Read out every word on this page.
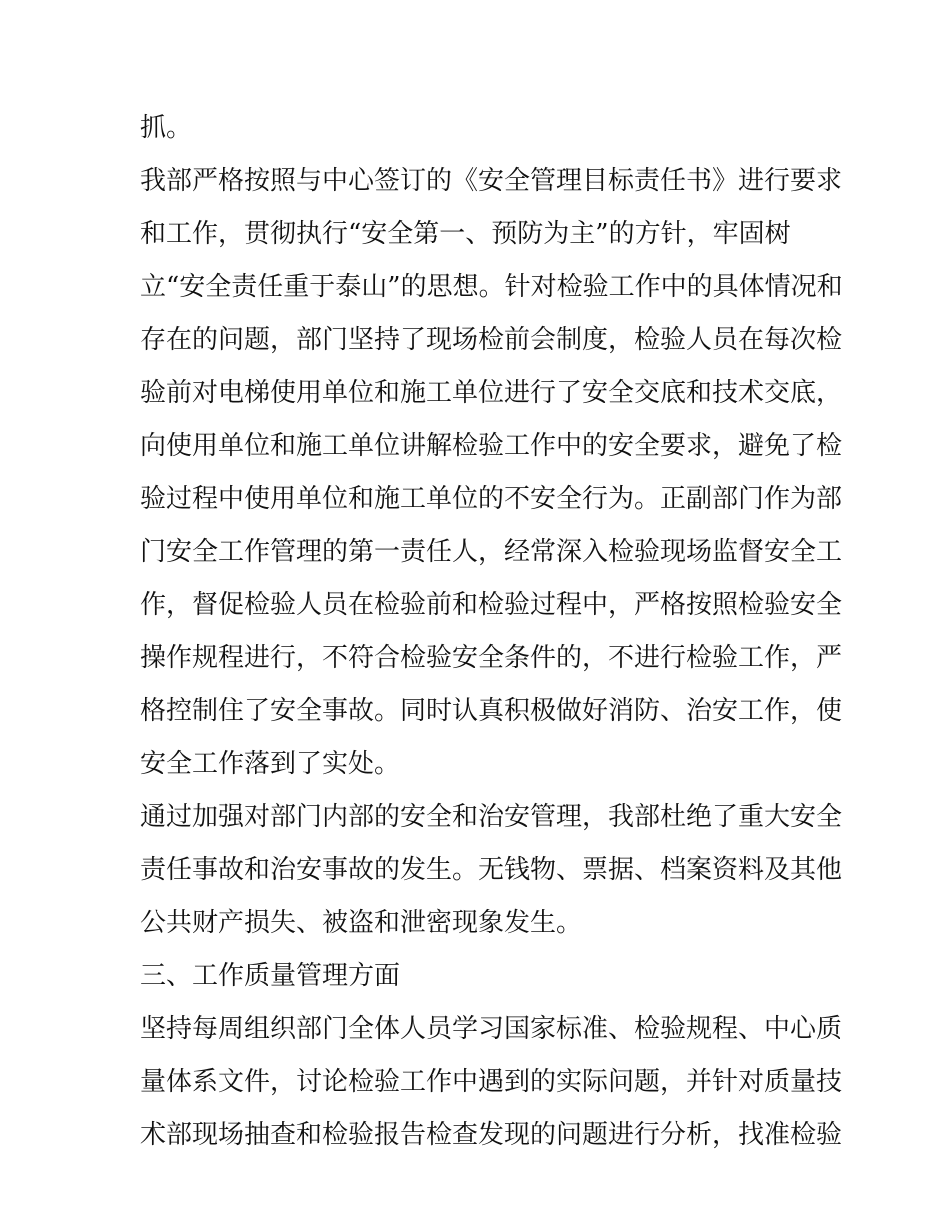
抓。
我部严格按照与中心签订的《安全管理目标责任书》进行要求
和工作，贯彻执行“安全第一、预防为主”的方针，牢固树
立“安全责任重于泰山”的思想。针对检验工作中的具体情况和
存在的问题，部门坚持了现场检前会制度，检验人员在每次检
验前对电梯使用单位和施工单位进行了安全交底和技术交底，
向使用单位和施工单位讲解检验工作中的安全要求，避免了检
验过程中使用单位和施工单位的不安全行为。正副部门作为部
门安全工作管理的第一责任人，经常深入检验现场监督安全工
作，督促检验人员在检验前和检验过程中，严格按照检验安全
操作规程进行，不符合检验安全条件的，不进行检验工作，严
格控制住了安全事故。同时认真积极做好消防、治安工作，使
安全工作落到了实处。
通过加强对部门内部的安全和治安管理，我部杜绝了重大安全
责任事故和治安事故的发生。无钱物、票据、档案资料及其他
公共财产损失、被盗和泄密现象发生。
三、工作质量管理方面
坚持每周组织部门全体人员学习国家标准、检验规程、中心质
量体系文件，讨论检验工作中遇到的实际问题，并针对质量技
术部现场抽查和检验报告检查发现的问题进行分析，找准检验
